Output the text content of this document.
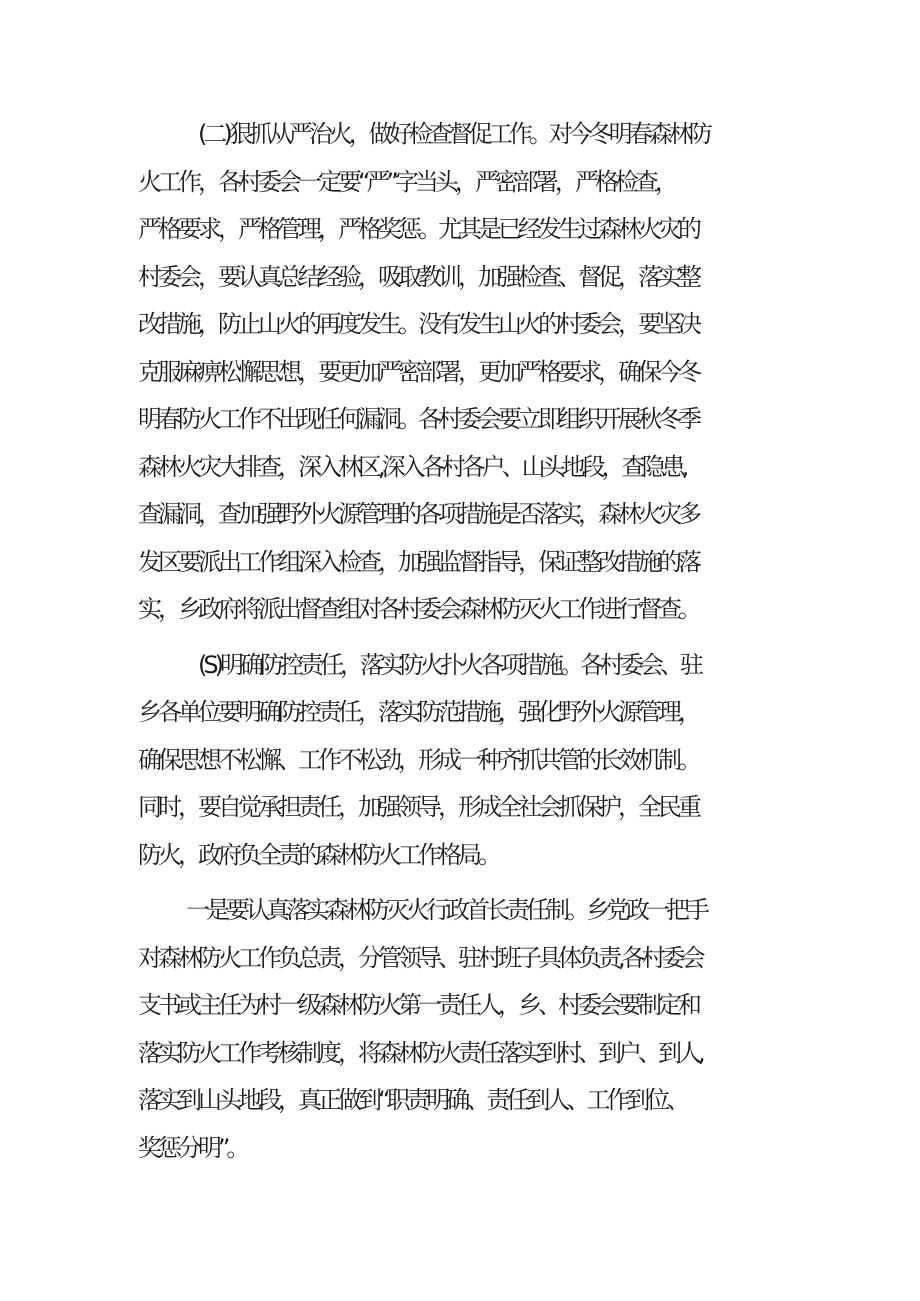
(二)狠抓从严治火，做好检查督促工作。对今冬明春森林防

火工作，各村委会一定要“严”字当头，严密部署，严格检查，

严格要求，严格管理，严格奖惩。尤其是已经发生过森林火灾的

村委会，要认真总结经验，吸取教训，加强检查、督促，落实整

改措施，防止山火的再度发生。没有发生山火的村委会，要坚决

克服麻痹松懈思想，要更加严密部署，更加严格要求，确保今冬

明春防火工作不出现任何漏洞。各村委会要立即组织开展秋冬季

森林火灾大排查，深入林区,深入各村各户、山头地段，查隐患,

查漏洞，查加强野外火源管理的各项措施是否落实，森林火灾多

发区要派出工作组深入检查，加强监督指导，保证整改措施的落

实，乡政府将派出督查组对各村委会森林防灭火工作进行督查。

(S)明确防控责任，落实防火扑火各项措施。各村委会、驻

乡各单位要明确防控责任，落实防范措施，强化野外火源管理，

确保思想不松懈、工作不松劲，形成一种齐抓共管的长效机制。

同时，要自觉承担责任，加强领导，形成全社会抓保护，全民重

防火，政府负全责的森林防火工作格局。

一是要认真落实森林防灭火行政首长责任制。乡党政一把手

对森林防火工作负总责，分管领导、驻村班子具体负责,各村委会

支书或主任为村一级森林防火第一责任人，乡、村委会要制定和

落实防火工作考核制度，将森林防火责任落实到村、到户、到人,

落实到山头地段，真正做到“职责明确、责任到人、工作到位、

奖惩分明”。
